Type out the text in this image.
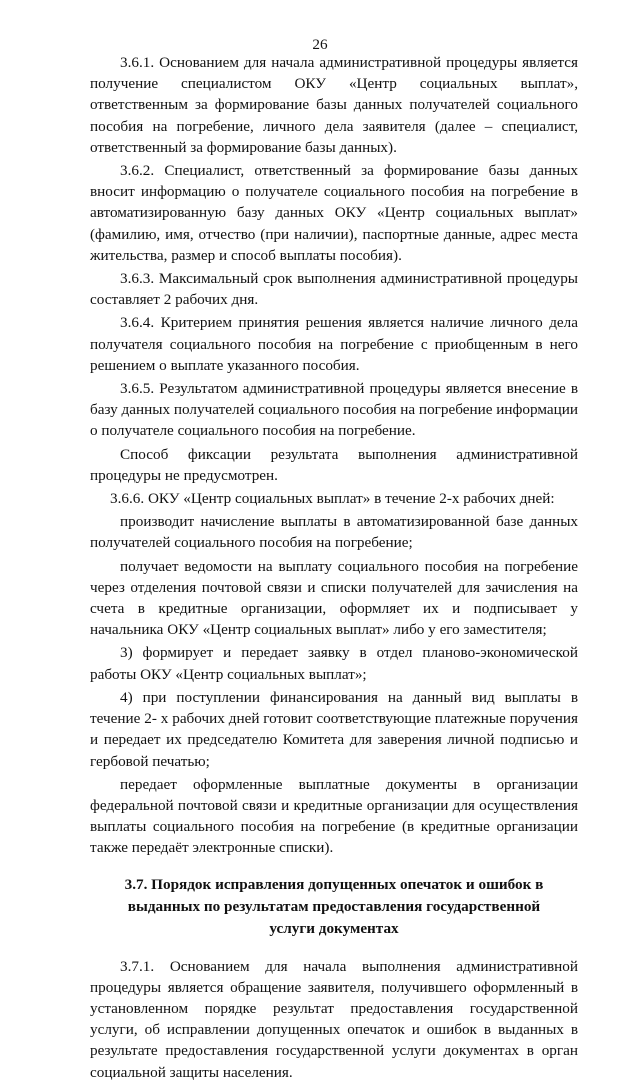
26

3.6.1. Основанием для начала административной процедуры является получение специалистом ОКУ «Центр социальных выплат», ответственным за формирование базы данных получателей социального пособия на погребение, личного дела заявителя (далее – специалист, ответственный за формирование базы данных).

3.6.2. Специалист, ответственный за формирование базы данных вносит информацию о получателе социального пособия на погребение в автоматизированную базу данных ОКУ «Центр социальных выплат» (фамилию, имя, отчество (при наличии), паспортные данные, адрес места жительства, размер и способ выплаты пособия).

3.6.3. Максимальный срок выполнения административной процедуры составляет 2 рабочих дня.

3.6.4. Критерием принятия решения является наличие личного дела получателя социального пособия на погребение с приобщенным в него решением о выплате указанного пособия.

3.6.5. Результатом административной процедуры является внесение в базу данных получателей социального пособия на погребение информации о получателе социального пособия на погребение.

Способ фиксации результата выполнения административной процедуры не предусмотрен.

3.6.6. ОКУ «Центр социальных выплат» в течение 2-х рабочих дней:

производит начисление выплаты в автоматизированной базе данных получателей социального пособия на погребение;

получает ведомости на выплату социального пособия на погребение через отделения почтовой связи и списки получателей для зачисления на счета в кредитные организации, оформляет их и подписывает у начальника ОКУ «Центр социальных выплат» либо у его заместителя;

3) формирует и передает заявку в отдел планово-экономической работы ОКУ «Центр социальных выплат»;

4) при поступлении финансирования на данный вид выплаты в течение 2- х рабочих дней готовит соответствующие платежные поручения и передает их председателю Комитета для заверения личной подписью и гербовой печатью;

передает оформленные выплатные документы в организации федеральной почтовой связи и кредитные организации для осуществления выплаты социального пособия на погребение (в кредитные организации также передаёт электронные списки).

3.7. Порядок исправления допущенных опечаток и ошибок в выданных по результатам предоставления государственной услуги документах

3.7.1. Основанием для начала выполнения административной процедуры является обращение заявителя, получившего оформленный в установленном порядке результат предоставления государственной услуги, об исправлении допущенных опечаток и ошибок в выданных в результате предоставления государственной услуги документах в орган социальной защиты населения.
